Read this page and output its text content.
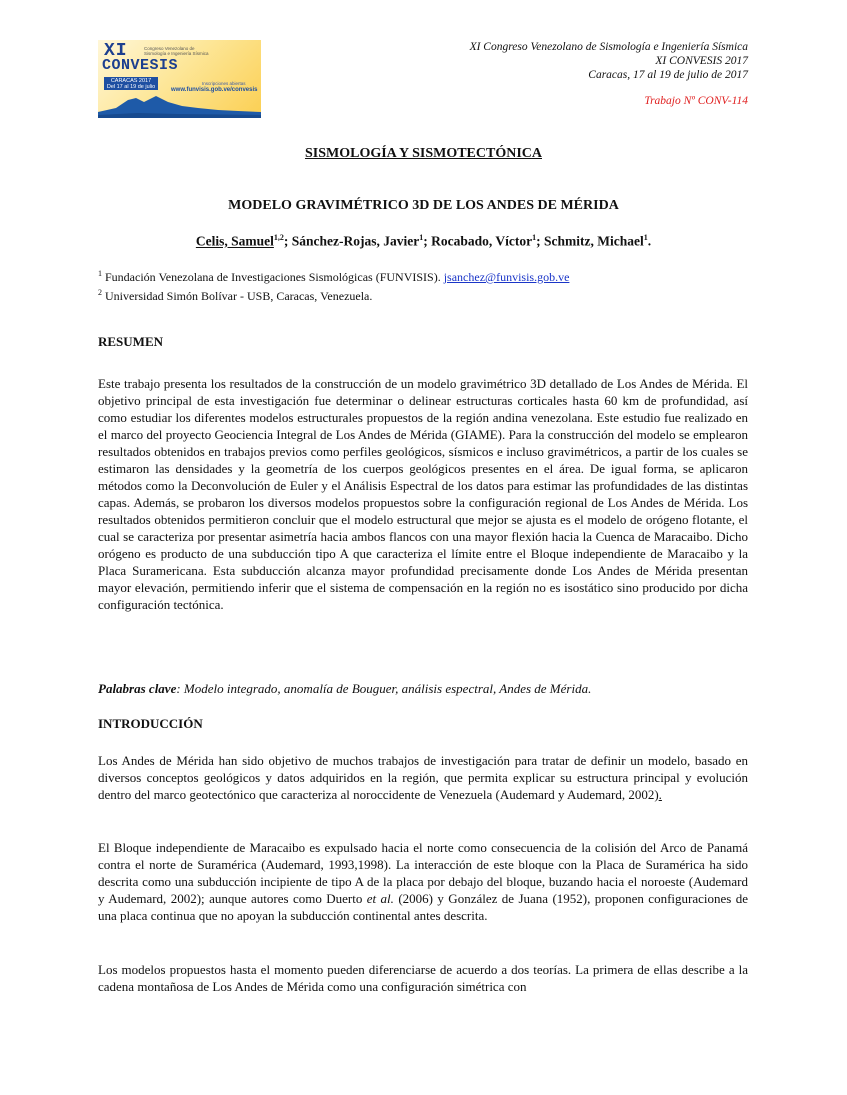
XI	Congreso Venezolano de Sismología e Ingeniería Sísmica
CONVESIS
CARACAS 2017
Del 17 al 19 de julio
Inscripciones abiertas
www.funvisis.gob.ve/convesis
XI Congreso Venezolano de Sismología e Ingeniería Sísmica
XI CONVESIS 2017
Caracas, 17 al 19 de julio de 2017
Trabajo Nº CONV-114
SISMOLOGÍA Y SISMOTECTÓNICA
MODELO GRAVIMÉTRICO 3D DE LOS ANDES DE MÉRIDA
Celis, Samuel$^{1,2}$; Sánchez-Rojas, Javier$^1$; Rocabado, Víctor$^1$; Schmitz, Michael$^1$.
$^1$ Fundación Venezolana de Investigaciones Sismológicas (FUNVISIS). jsanchez@funvisis.gob.ve
$^2$ Universidad Simón Bolívar - USB, Caracas, Venezuela.
RESUMEN

Este trabajo presenta los resultados de la construcción de un modelo gravimétrico 3D detallado de Los Andes de Mérida. El objetivo principal de esta investigación fue determinar o delinear estructuras corticales hasta 60 km de profundidad, así como estudiar los diferentes modelos estructurales propuestos de la región andina venezolana. Este estudio fue realizado en el marco del proyecto Geociencia Integral de Los Andes de Mérida (GIAME). Para la construcción del modelo se emplearon resultados obtenidos en trabajos previos como perfiles geológicos, sísmicos e incluso gravimétricos, a partir de los cuales se estimaron las densidades y la geometría de los cuerpos geológicos presentes en el área. De igual forma, se aplicaron métodos como la Deconvolución de Euler y el Análisis Espectral de los datos para estimar las profundidades de las distintas capas. Además, se probaron los diversos modelos propuestos sobre la configuración regional de Los Andes de Mérida. Los resultados obtenidos permitieron concluir que el modelo estructural que mejor se ajusta es el modelo de orógeno flotante, el cual se caracteriza por presentar asimetría hacia ambos flancos con una mayor flexión hacia la Cuenca de Maracaibo. Dicho orógeno es producto de una subducción tipo A que caracteriza el límite entre el Bloque independiente de Maracaibo y la Placa Suramericana. Esta subducción alcanza mayor profundidad precisamente donde Los Andes de Mérida presentan mayor elevación, permitiendo inferir que el sistema de compensación en la región no es isostático sino producido por dicha configuración tectónica.

Palabras clave: Modelo integrado, anomalía de Bouguer, análisis espectral, Andes de Mérida.
INTRODUCCIÓN

Los Andes de Mérida han sido objetivo de muchos trabajos de investigación para tratar de definir un modelo, basado en diversos conceptos geológicos y datos adquiridos en la región, que permita explicar su estructura principal y evolución dentro del marco geotectónico que caracteriza al noroccidente de Venezuela (Audemard y Audemard, 2002).

El Bloque independiente de Maracaibo es expulsado hacia el norte como consecuencia de la colisión del Arco de Panamá contra el norte de Suramérica (Audemard, 1993,1998). La interacción de este bloque con la Placa de Suramérica ha sido descrita como una subducción incipiente de tipo A de la placa por debajo del bloque, buzando hacia el noroeste (Audemard y Audemard, 2002); aunque autores como Duerto et al. (2006) y González de Juana (1952), proponen configuraciones de una placa continua que no apoyan la subducción continental antes descrita.

Los modelos propuestos hasta el momento pueden diferenciarse de acuerdo a dos teorías. La primera de ellas describe a la cadena montañosa de Los Andes de Mérida como una configuración simétrica con
